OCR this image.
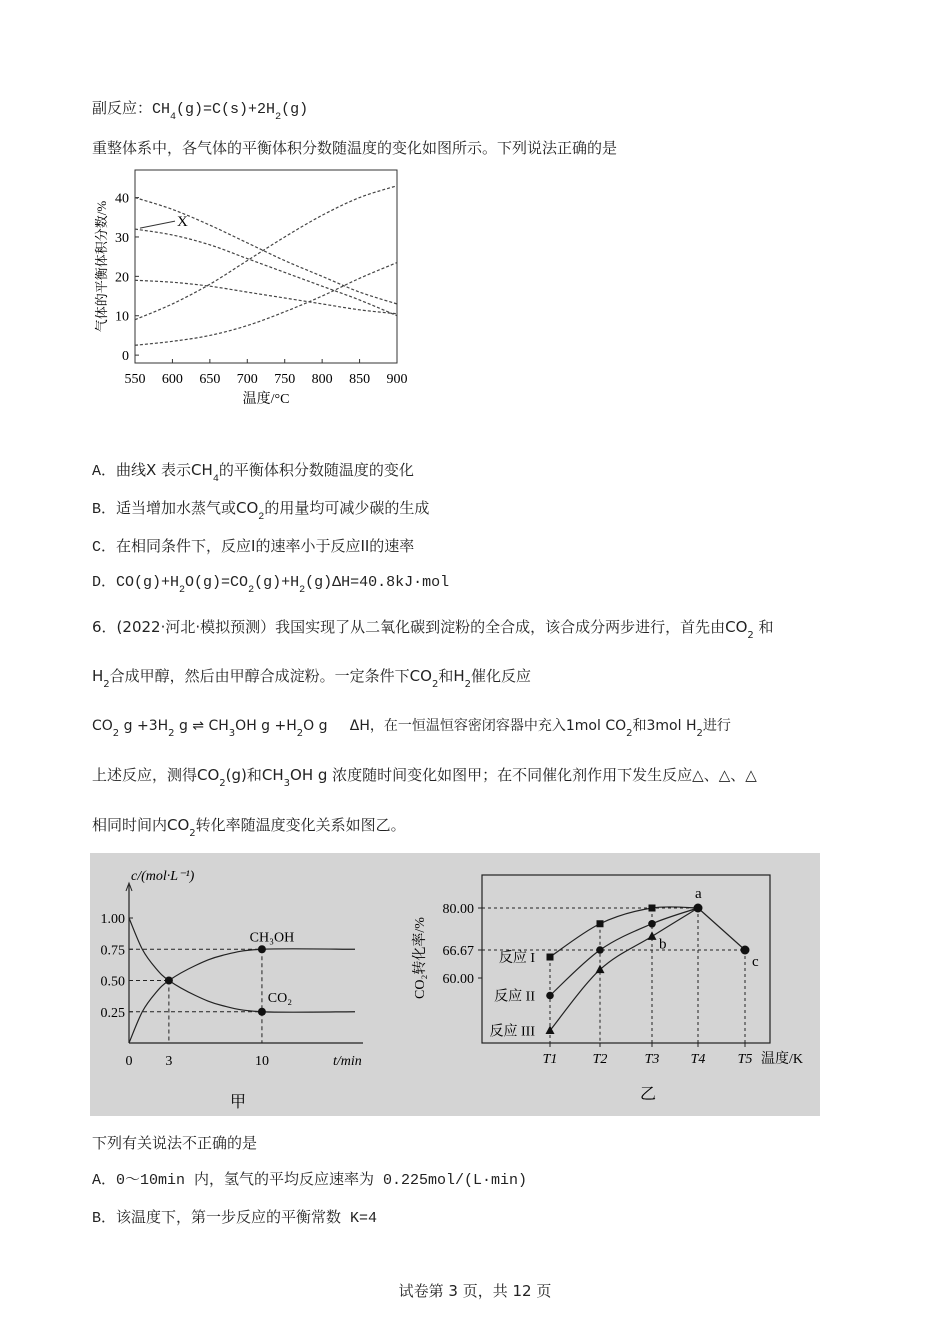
副反应：$CH_4(g)=C(s)+2H_2(g)$
重整体系中，各气体的平衡体积分数随温度的变化如图所示。下列说法正确的是
550 600 650 700 750 800 850 900
0
10
20
30
40
X
温度/°C
气体的平衡体积分数/%
A．曲线X 表示$CH_4$的平衡体积分数随温度的变化
B．适当增加水蒸气或$CO_2$的用量均可减少碳的生成
C．在相同条件下，反应I的速率小于反应II的速率
D．$CO(g)+H_2O(g)=CO_2(g)+H_2(g)\Delta H=40.8kJ\cdot mol$
6．(2022·河北·模拟预测）我国实现了从二氧化碳到淀粉的全合成，该合成分两步进行，首先由$CO_2$ 和
$H_2$合成甲醇，然后由甲醇合成淀粉。一定条件下$CO_2$和$H_2$催化反应
$CO_2$ $g +3H_2$ g ⇌ $CH_3OH$ $g +H_2O$ g ΔH，在一恒温恒容密闭容器中充入1mol $CO_2$和3mol $H_2$进行
上述反应，测得$CO_2(g)$和$CH_3OH$ g 浓度随时间变化如图甲；在不同催化剂作用下发生反应△、△、△
相同时间内$CO_2$转化率随温度变化关系如图乙。
c/(mol·L⁻¹)
t/min
0.25
0.50
0.75
1.00
0 3	10
CH₃OH
CO₂
甲
60.00
66.67
80.00
T1	T2	T3 T4 T5 温度/K
CO₂转化率/%	反应 I
反应 II
反应 III
a
b
c
乙
下列有关说法不正确的是
A．0～10min 内，氢气的平均反应速率为 0.225mol/(L·min)
B．该温度下，第一步反应的平衡常数 K=4
试卷第 3 页，共 12 页
